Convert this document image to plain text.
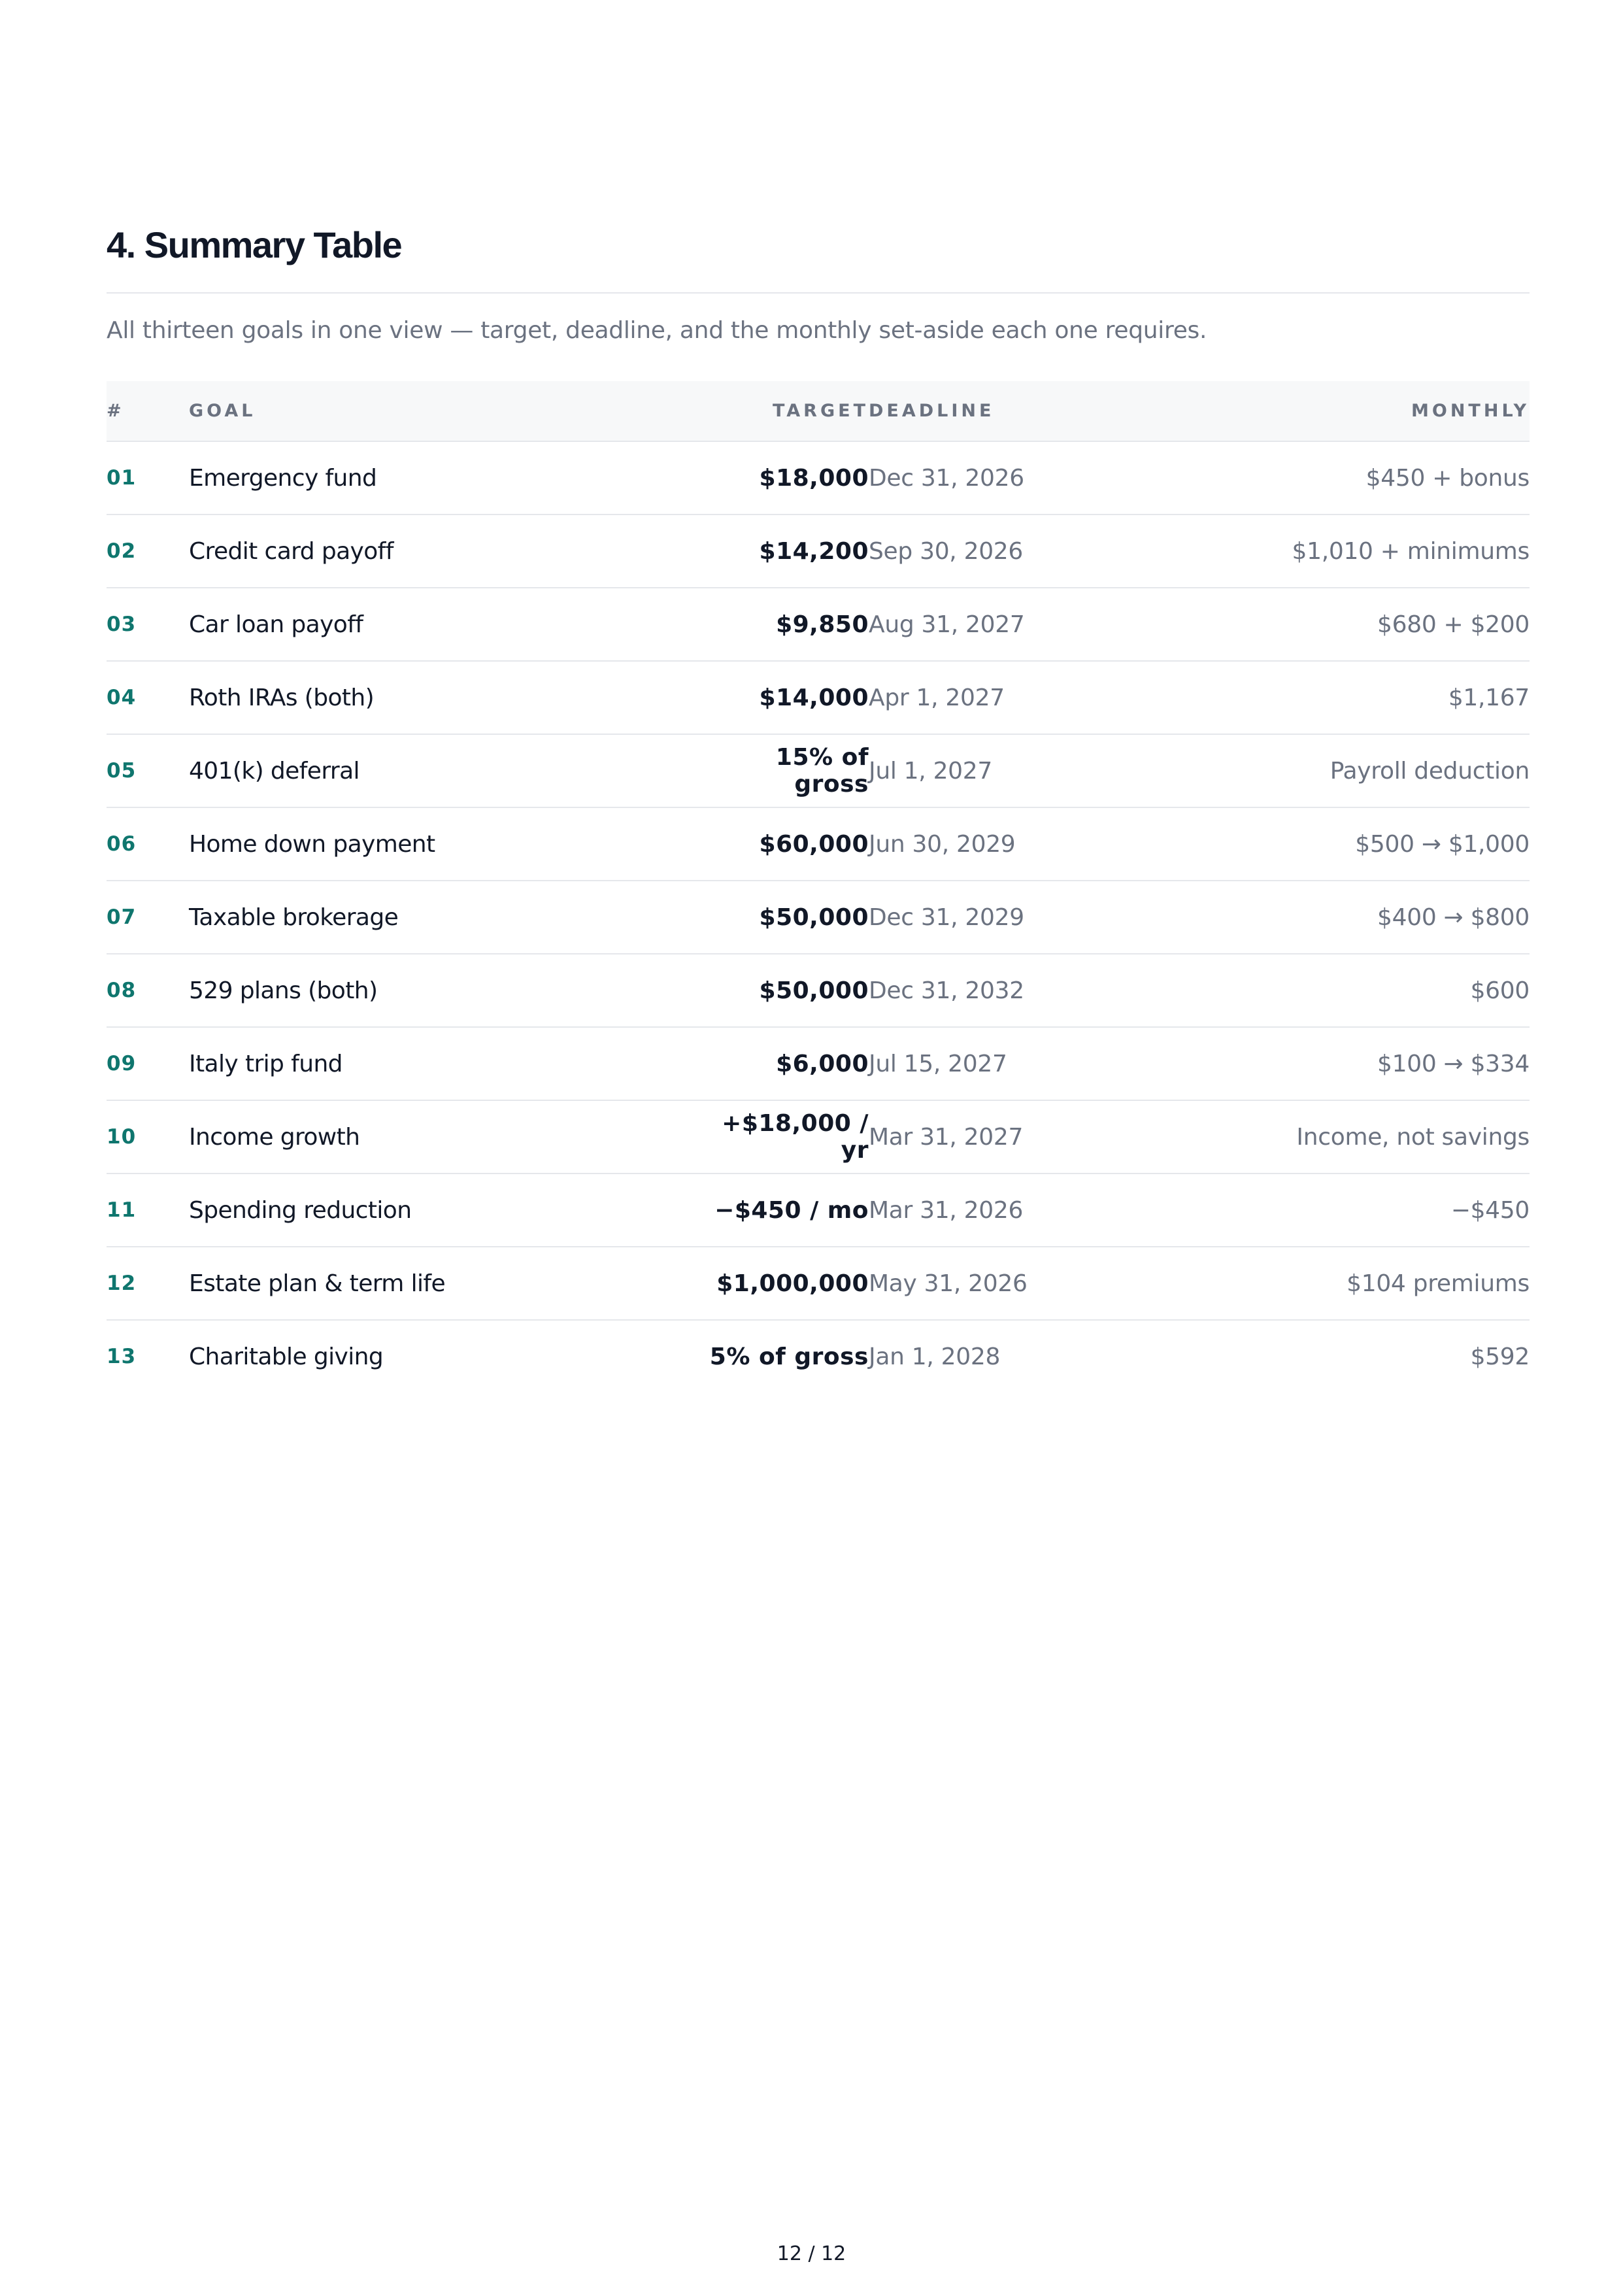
4. Summary Table

All thirteen goals in one view — target, deadline, and the monthly set-aside each one requires.

#	GOAL	TARGET	DEADLINE	MONTHLY
01	Emergency fund	$18,000	Dec 31, 2026	$450 + bonus
02	Credit card payoff	$14,200	Sep 30, 2026	$1,010 + minimums
03	Car loan payoff	$9,850	Aug 31, 2027	$680 + $200
04	Roth IRAs (both)	$14,000	Apr 1, 2027	$1,167
05	401(k) deferral	15% of gross	Jul 1, 2027	Payroll deduction
06	Home down payment	$60,000	Jun 30, 2029	$500 → $1,000
07	Taxable brokerage	$50,000	Dec 31, 2029	$400 → $800
08	529 plans (both)	$50,000	Dec 31, 2032	$600
09	Italy trip fund	$6,000	Jul 15, 2027	$100 → $334
10	Income growth	+$18,000 / yr	Mar 31, 2027	Income, not savings
11	Spending reduction	−$450 / mo	Mar 31, 2026	−$450
12	Estate plan & term life	$1,000,000	May 31, 2026	$104 premiums
13	Charitable giving	5% of gross	Jan 1, 2028	$592
12 / 12
